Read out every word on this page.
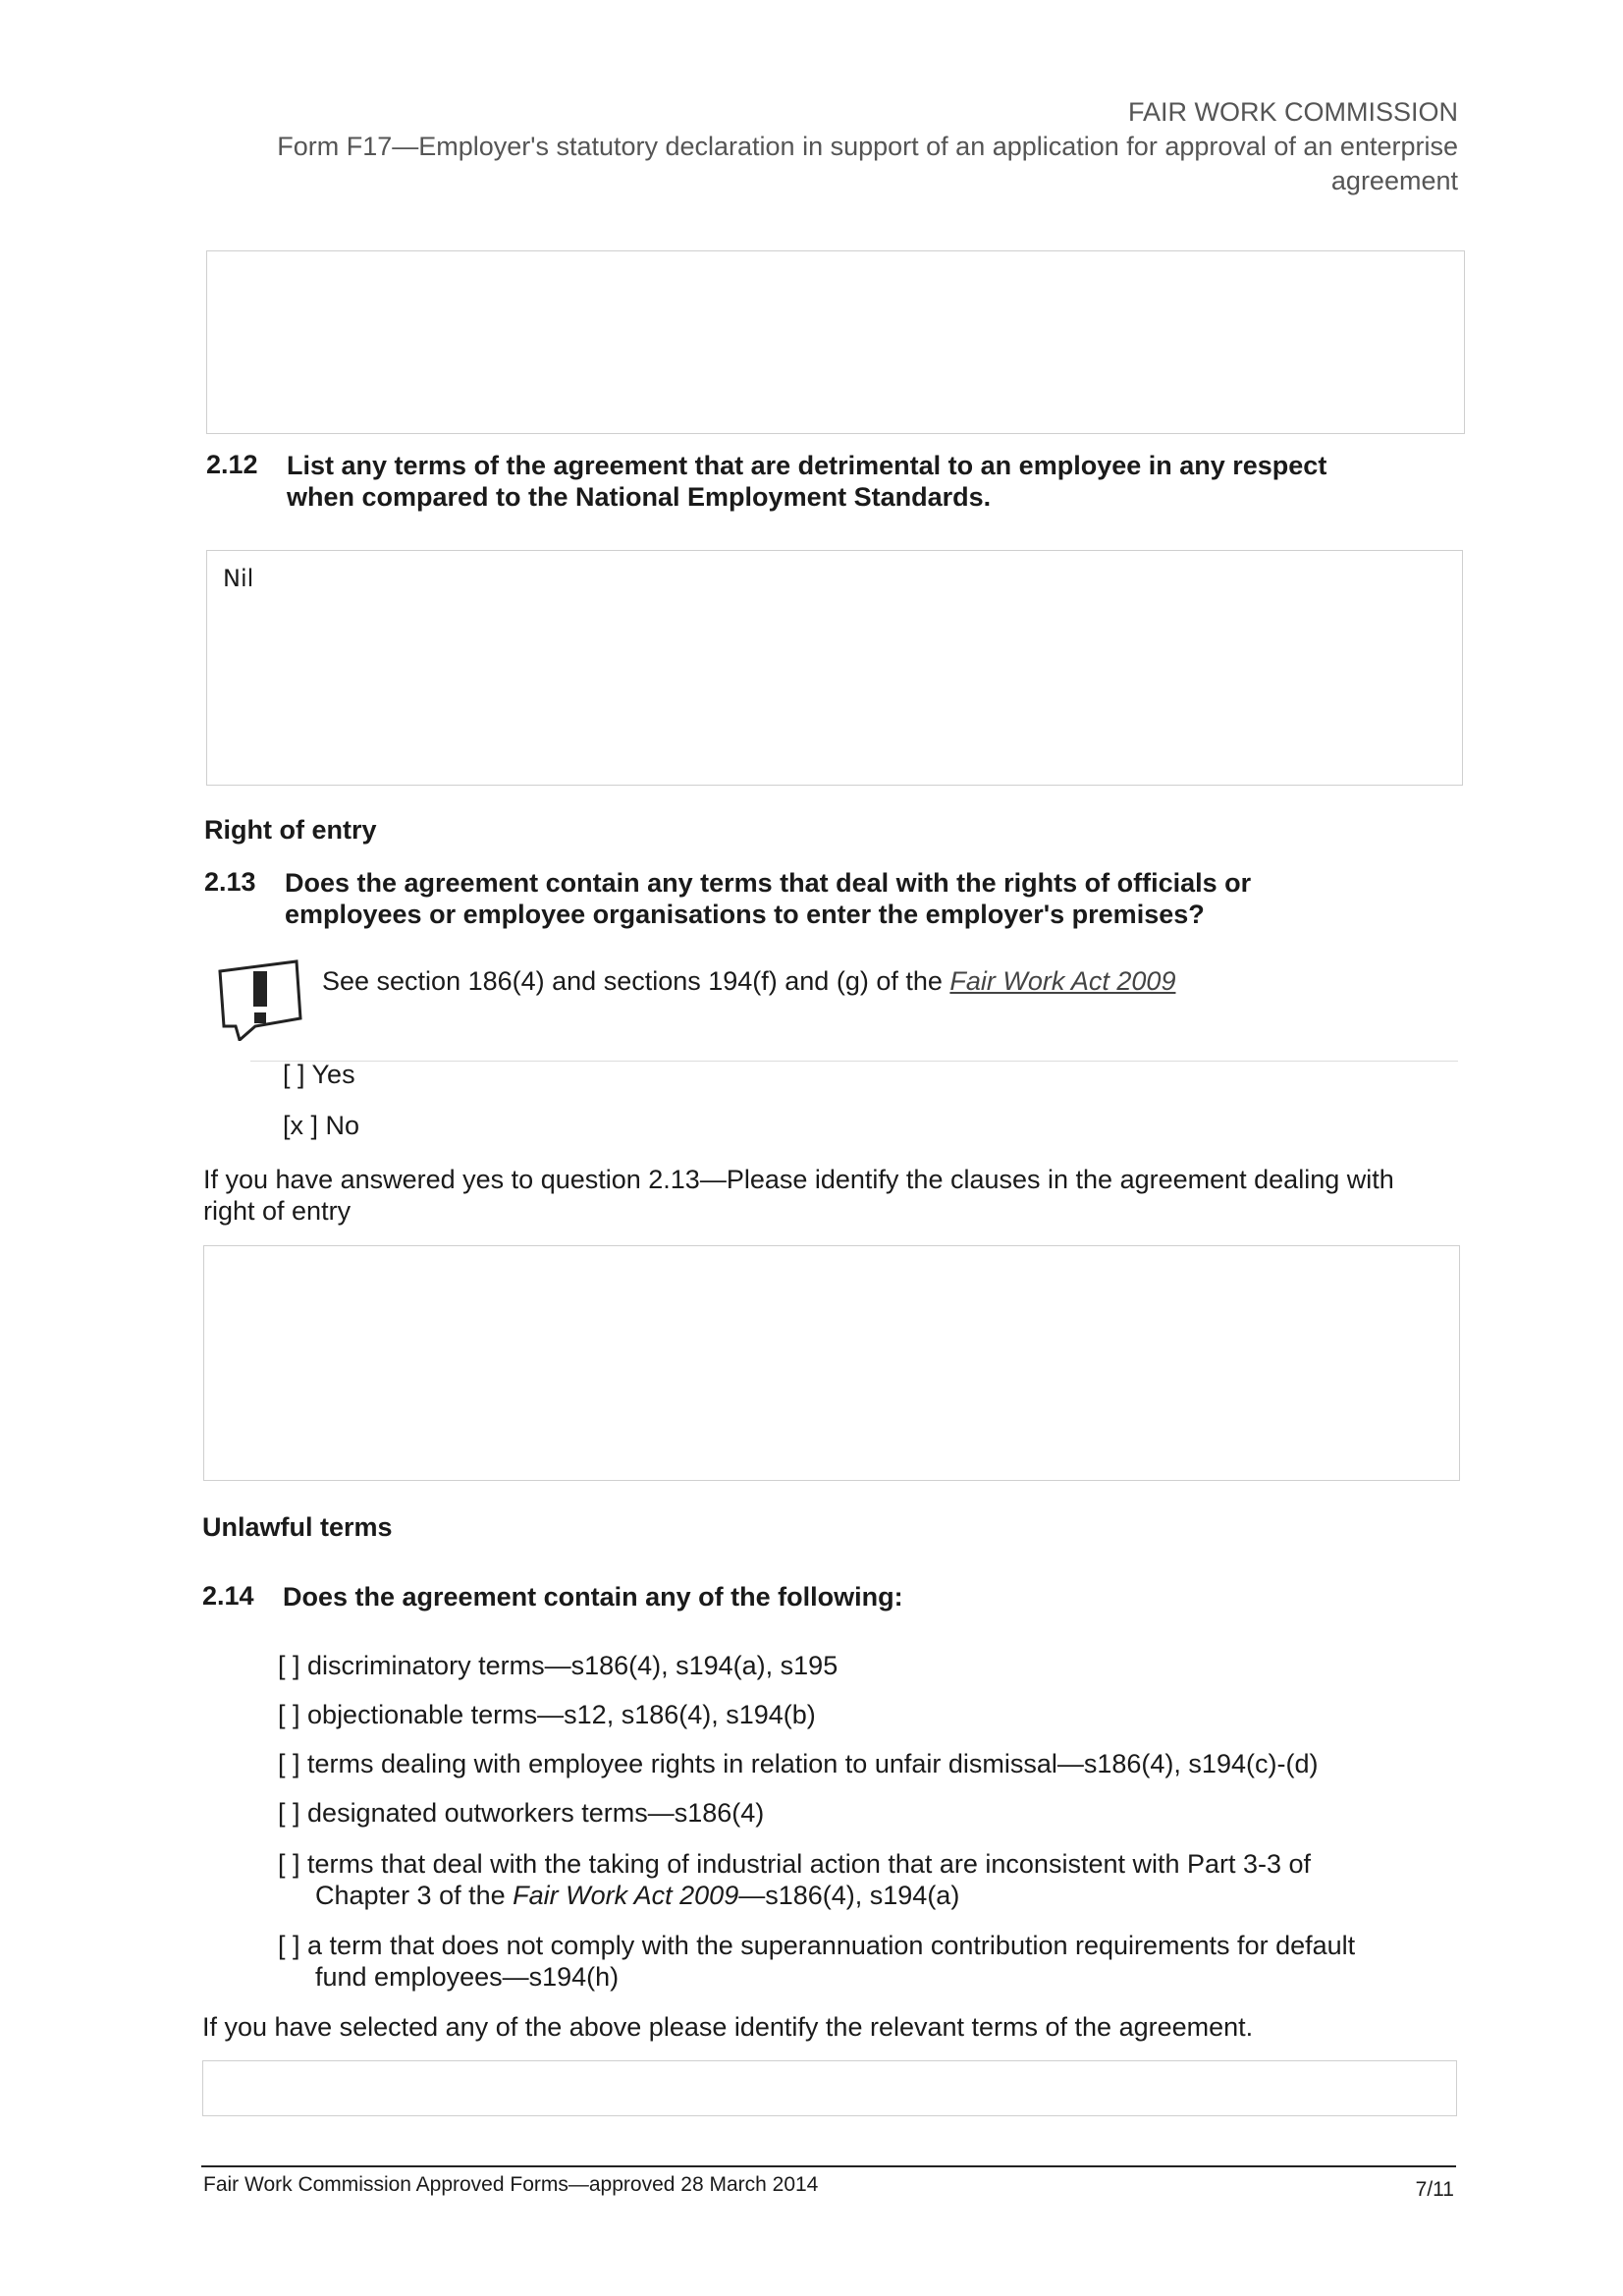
FAIR WORK COMMISSION
Form F17—Employer's statutory declaration in support of an application for approval of an enterprise
agreement
2.12 List any terms of the agreement that are detrimental to an employee in any respect
when compared to the National Employment Standards.
Nil
Right of entry
2.13 Does the agreement contain any terms that deal with the rights of officials or
employees or employee organisations to enter the employer's premises?
See section 186(4) and sections 194(f) and (g) of the Fair Work Act 2009
[ ] Yes
[x ] No
If you have answered yes to question 2.13—Please identify the clauses in the agreement dealing with
right of entry
Unlawful terms
2.14 Does the agreement contain any of the following:
[ ] discriminatory terms—s186(4), s194(a), s195
[ ] objectionable terms—s12, s186(4), s194(b)
[ ] terms dealing with employee rights in relation to unfair dismissal—s186(4), s194(c)-(d)
[ ] designated outworkers terms—s186(4)
[ ] terms that deal with the taking of industrial action that are inconsistent with Part 3-3 of
Chapter 3 of the Fair Work Act 2009—s186(4), s194(a)
[ ] a term that does not comply with the superannuation contribution requirements for default
fund employees—s194(h)
If you have selected any of the above please identify the relevant terms of the agreement.
Fair Work Commission Approved Forms—approved 28 March 2014	7/11
